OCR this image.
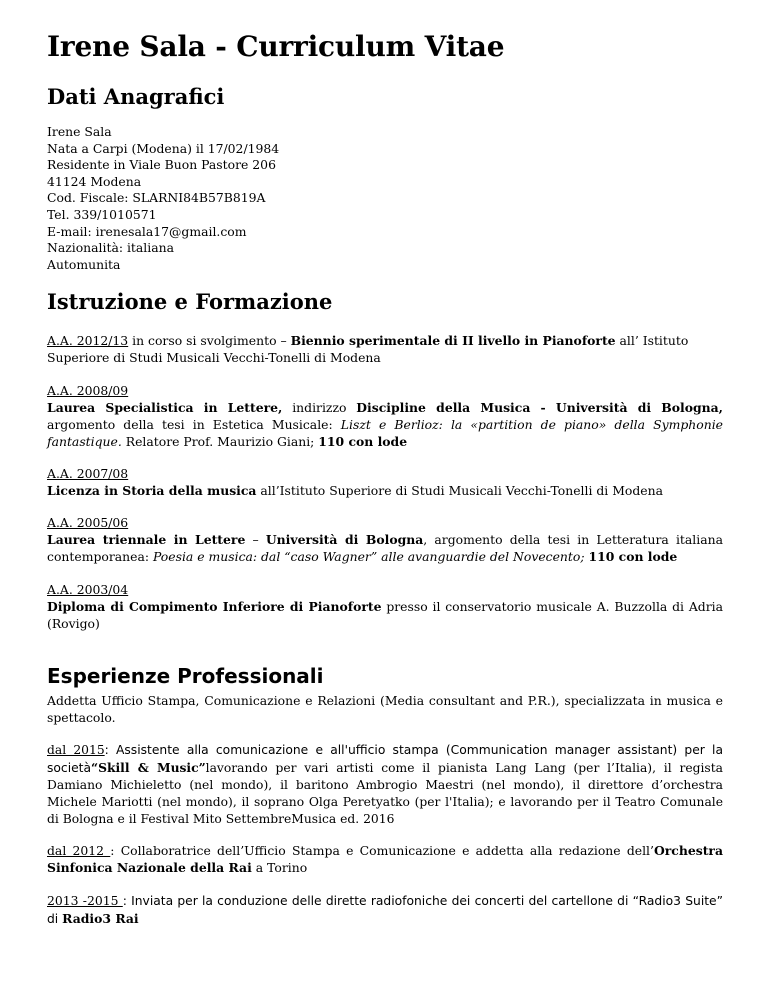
Irene Sala - Curriculum Vitae
Dati Anagrafici
Irene Sala
Nata a Carpi (Modena) il 17/02/1984
Residente in Viale Buon Pastore 206
41124 Modena
Cod. Fiscale: SLARNI84B57B819A
Tel. 339/1010571
E-mail: irenesala17@gmail.com
Nazionalità: italiana
Automunita
Istruzione e Formazione
A.A. 2012/13 in corso si svolgimento – Biennio sperimentale di II livello in Pianoforte all’ Istituto Superiore di Studi Musicali Vecchi-Tonelli di Modena
A.A. 2008/09
Laurea Specialistica in Lettere, indirizzo Discipline della Musica - Università di Bologna, argomento della tesi in Estetica Musicale: Liszt e Berlioz: la «partition de piano» della Symphonie fantastique. Relatore Prof. Maurizio Giani; 110 con lode
A.A. 2007/08
Licenza in Storia della musica all’Istituto Superiore di Studi Musicali Vecchi-Tonelli di Modena
A.A. 2005/06
Laurea triennale in Lettere – Università di Bologna, argomento della tesi in Letteratura italiana contemporanea: Poesia e musica: dal “caso Wagner” alle avanguardie del Novecento; 110 con lode
A.A. 2003/04
Diploma di Compimento Inferiore di Pianoforte presso il conservatorio musicale A. Buzzolla di Adria (Rovigo)
Esperienze Professionali
Addetta Ufficio Stampa, Comunicazione e Relazioni (Media consultant and P.R.), specializzata in musica e spettacolo.
dal 2015: Assistente alla comunicazione e all'ufficio stampa (Communication manager assistant) per la società“Skill & Music”lavorando per vari artisti come il pianista Lang Lang (per l’Italia), il regista Damiano Michieletto (nel mondo), il baritono Ambrogio Maestri (nel mondo), il direttore d’orchestra Michele Mariotti (nel mondo), il soprano Olga Peretyatko (per l'Italia); e lavorando per il Teatro Comunale di Bologna e il Festival Mito SettembreMusica ed. 2016
dal 2012 : Collaboratrice dell’Ufficio Stampa e Comunicazione e addetta alla redazione dell’Orchestra Sinfonica Nazionale della Rai a Torino
2013 -2015 : Inviata per la conduzione delle dirette radiofoniche dei concerti del cartellone di “Radio3 Suite” di Radio3 Rai
